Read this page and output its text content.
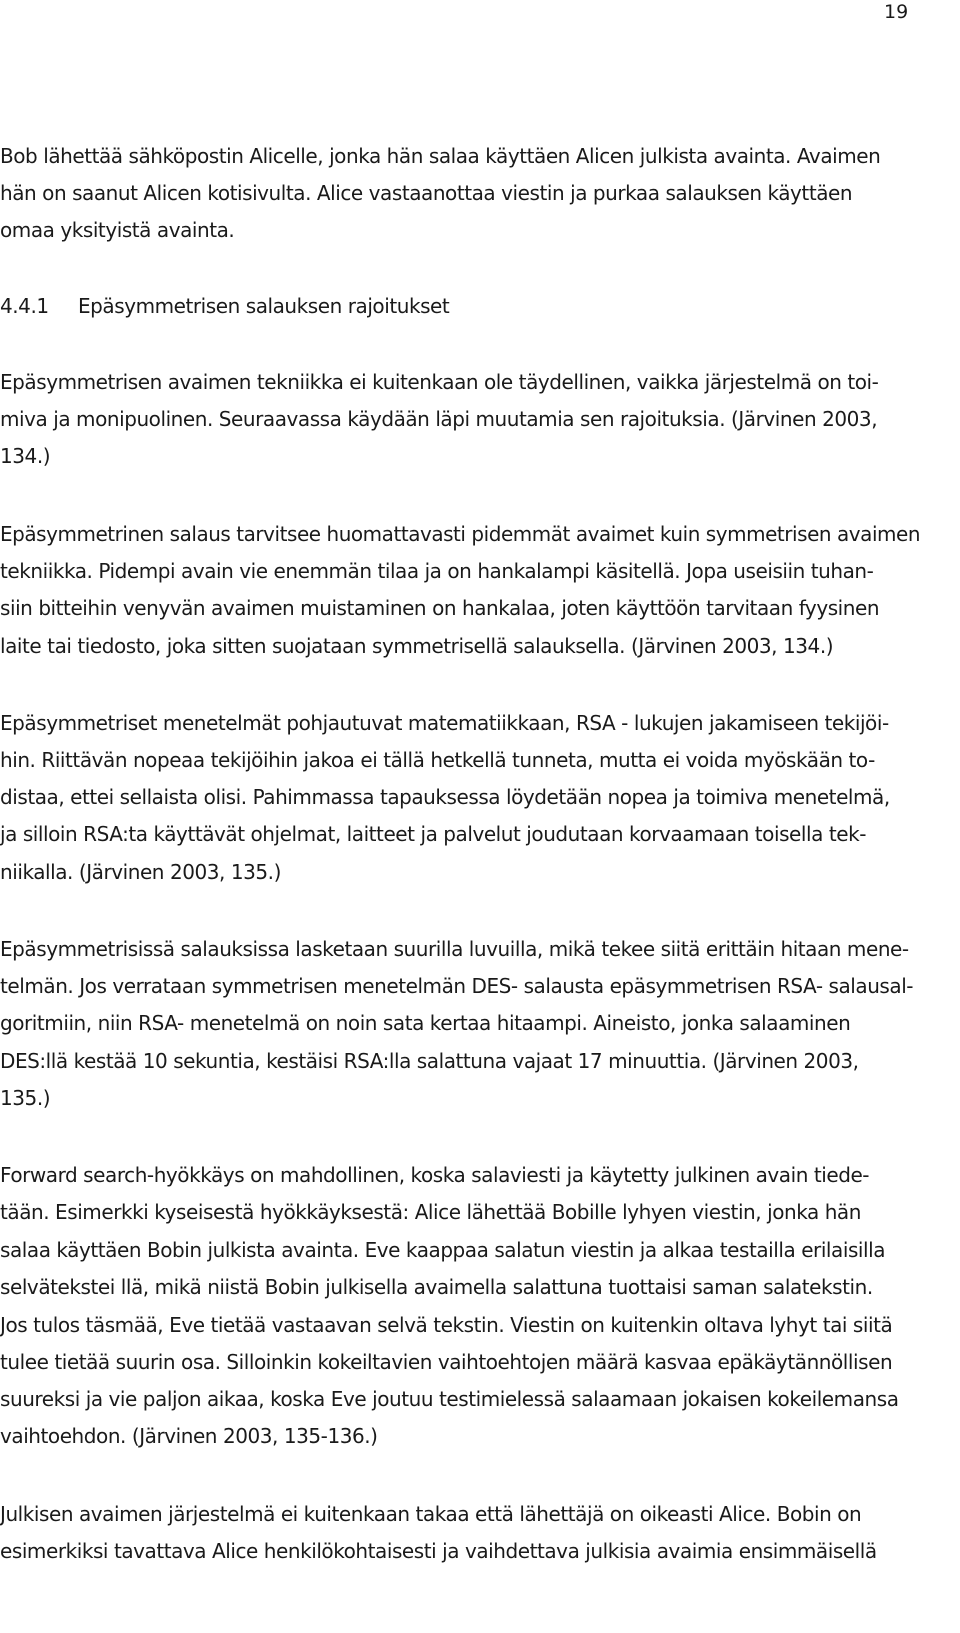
19
Bob lähettää sähköpostin Alicelle, jonka hän salaa käyttäen Alicen julkista avainta. Avaimen
hän on saanut Alicen kotisivulta. Alice vastaanottaa viestin ja purkaa salauksen käyttäen
omaa yksityistä avainta.
4.4.1 Epäsymmetrisen salauksen rajoitukset
Epäsymmetrisen avaimen tekniikka ei kuitenkaan ole täydellinen, vaikka järjestelmä on toi-
miva ja monipuolinen. Seuraavassa käydään läpi muutamia sen rajoituksia. (Järvinen 2003,
134.)
Epäsymmetrinen salaus tarvitsee huomattavasti pidemmät avaimet kuin symmetrisen avaimen
tekniikka. Pidempi avain vie enemmän tilaa ja on hankalampi käsitellä. Jopa useisiin tuhan-
siin bitteihin venyvän avaimen muistaminen on hankalaa, joten käyttöön tarvitaan fyysinen
laite tai tiedosto, joka sitten suojataan symmetrisellä salauksella. (Järvinen 2003, 134.)
Epäsymmetriset menetelmät pohjautuvat matematiikkaan, RSA - lukujen jakamiseen tekijöi-
hin. Riittävän nopeaa tekijöihin jakoa ei tällä hetkellä tunneta, mutta ei voida myöskään to-
distaa, ettei sellaista olisi. Pahimmassa tapauksessa löydetään nopea ja toimiva menetelmä,
ja silloin RSA:ta käyttävät ohjelmat, laitteet ja palvelut joudutaan korvaamaan toisella tek-
niikalla. (Järvinen 2003, 135.)
Epäsymmetrisissä salauksissa lasketaan suurilla luvuilla, mikä tekee siitä erittäin hitaan mene-
telmän. Jos verrataan symmetrisen menetelmän DES- salausta epäsymmetrisen RSA- salausal-
goritmiin, niin RSA- menetelmä on noin sata kertaa hitaampi. Aineisto, jonka salaaminen
DES:llä kestää 10 sekuntia, kestäisi RSA:lla salattuna vajaat 17 minuuttia. (Järvinen 2003,
135.)
Forward search-hyökkäys on mahdollinen, koska salaviesti ja käytetty julkinen avain tiede-
tään. Esimerkki kyseisestä hyökkäyksestä: Alice lähettää Bobille lyhyen viestin, jonka hän
salaa käyttäen Bobin julkista avainta. Eve kaappaa salatun viestin ja alkaa testailla erilaisilla
selvätekstei llä, mikä niistä Bobin julkisella avaimella salattuna tuottaisi saman salatekstin.
Jos tulos täsmää, Eve tietää vastaavan selvä tekstin. Viestin on kuitenkin oltava lyhyt tai siitä
tulee tietää suurin osa. Silloinkin kokeiltavien vaihtoehtojen määrä kasvaa epäkäytännöllisen
suureksi ja vie paljon aikaa, koska Eve joutuu testimielessä salaamaan jokaisen kokeilemansa
vaihtoehdon. (Järvinen 2003, 135-136.)
Julkisen avaimen järjestelmä ei kuitenkaan takaa että lähettäjä on oikeasti Alice. Bobin on
esimerkiksi tavattava Alice henkilökohtaisesti ja vaihdettava julkisia avaimia ensimmäisellä
